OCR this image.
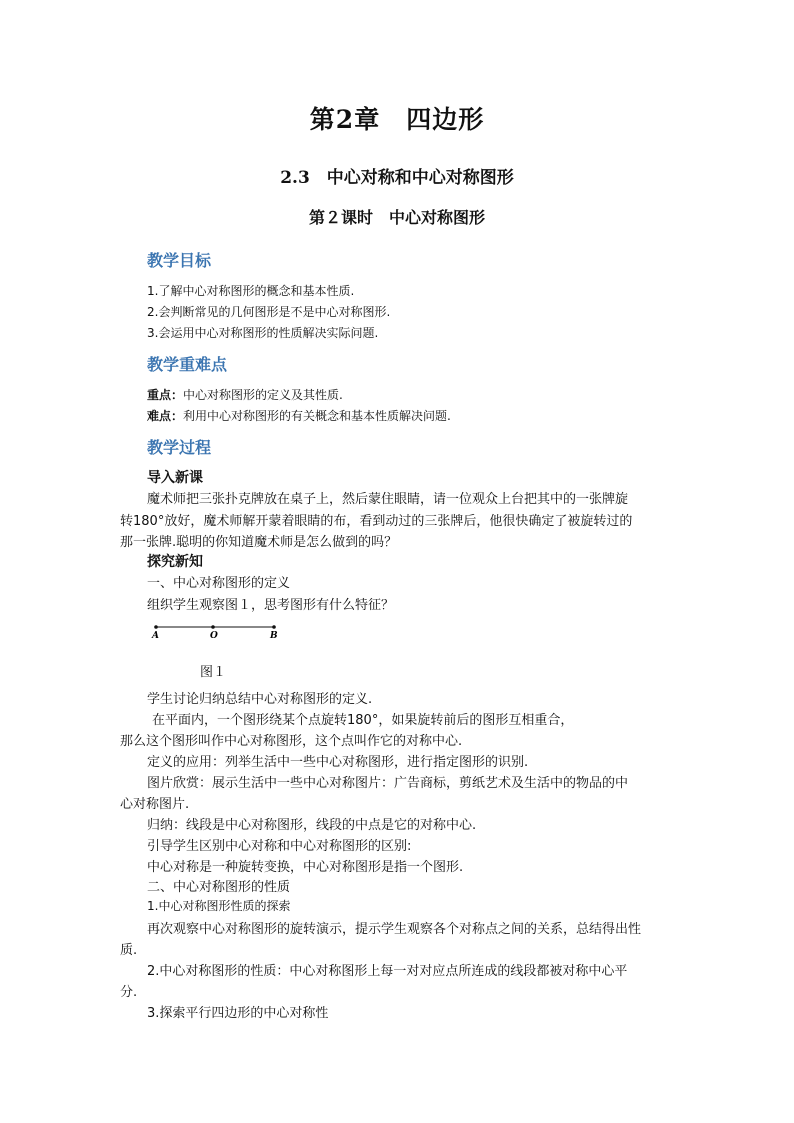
第2章　四边形
2.3　中心对称和中心对称图形
第２课时　中心对称图形
教学目标
1.了解中心对称图形的概念和基本性质.
2.会判断常见的几何图形是不是中心对称图形.
3.会运用中心对称图形的性质解决实际问题.
教学重难点
重点：中心对称图形的定义及其性质.
难点：利用中心对称图形的有关概念和基本性质解决问题.
教学过程
导入新课
魔术师把三张扑克牌放在桌子上，然后蒙住眼睛，请一位观众上台把其中的一张牌旋
转180°放好，魔术师解开蒙着眼睛的布，看到动过的三张牌后，他很快确定了被旋转过的
那一张牌.聪明的你知道魔术师是怎么做到的吗？
探究新知
一、中心对称图形的定义
组织学生观察图１，思考图形有什么特征？
A	O	B
图１
学生讨论归纳总结中心对称图形的定义.
在平面内，一个图形绕某个点旋转180°，如果旋转前后的图形互相重合，
那么这个图形叫作中心对称图形，这个点叫作它的对称中心.
定义的应用：列举生活中一些中心对称图形，进行指定图形的识别.
图片欣赏：展示生活中一些中心对称图片：广告商标，剪纸艺术及生活中的物品的中
心对称图片.
归纳：线段是中心对称图形，线段的中点是它的对称中心.
引导学生区别中心对称和中心对称图形的区别:
中心对称是一种旋转变换，中心对称图形是指一个图形.
二、中心对称图形的性质
1.中心对称图形性质的探索
再次观察中心对称图形的旋转演示，提示学生观察各个对称点之间的关系，总结得出性
质.
2.中心对称图形的性质：中心对称图形上每一对对应点所连成的线段都被对称中心平
分.
3.探索平行四边形的中心对称性
